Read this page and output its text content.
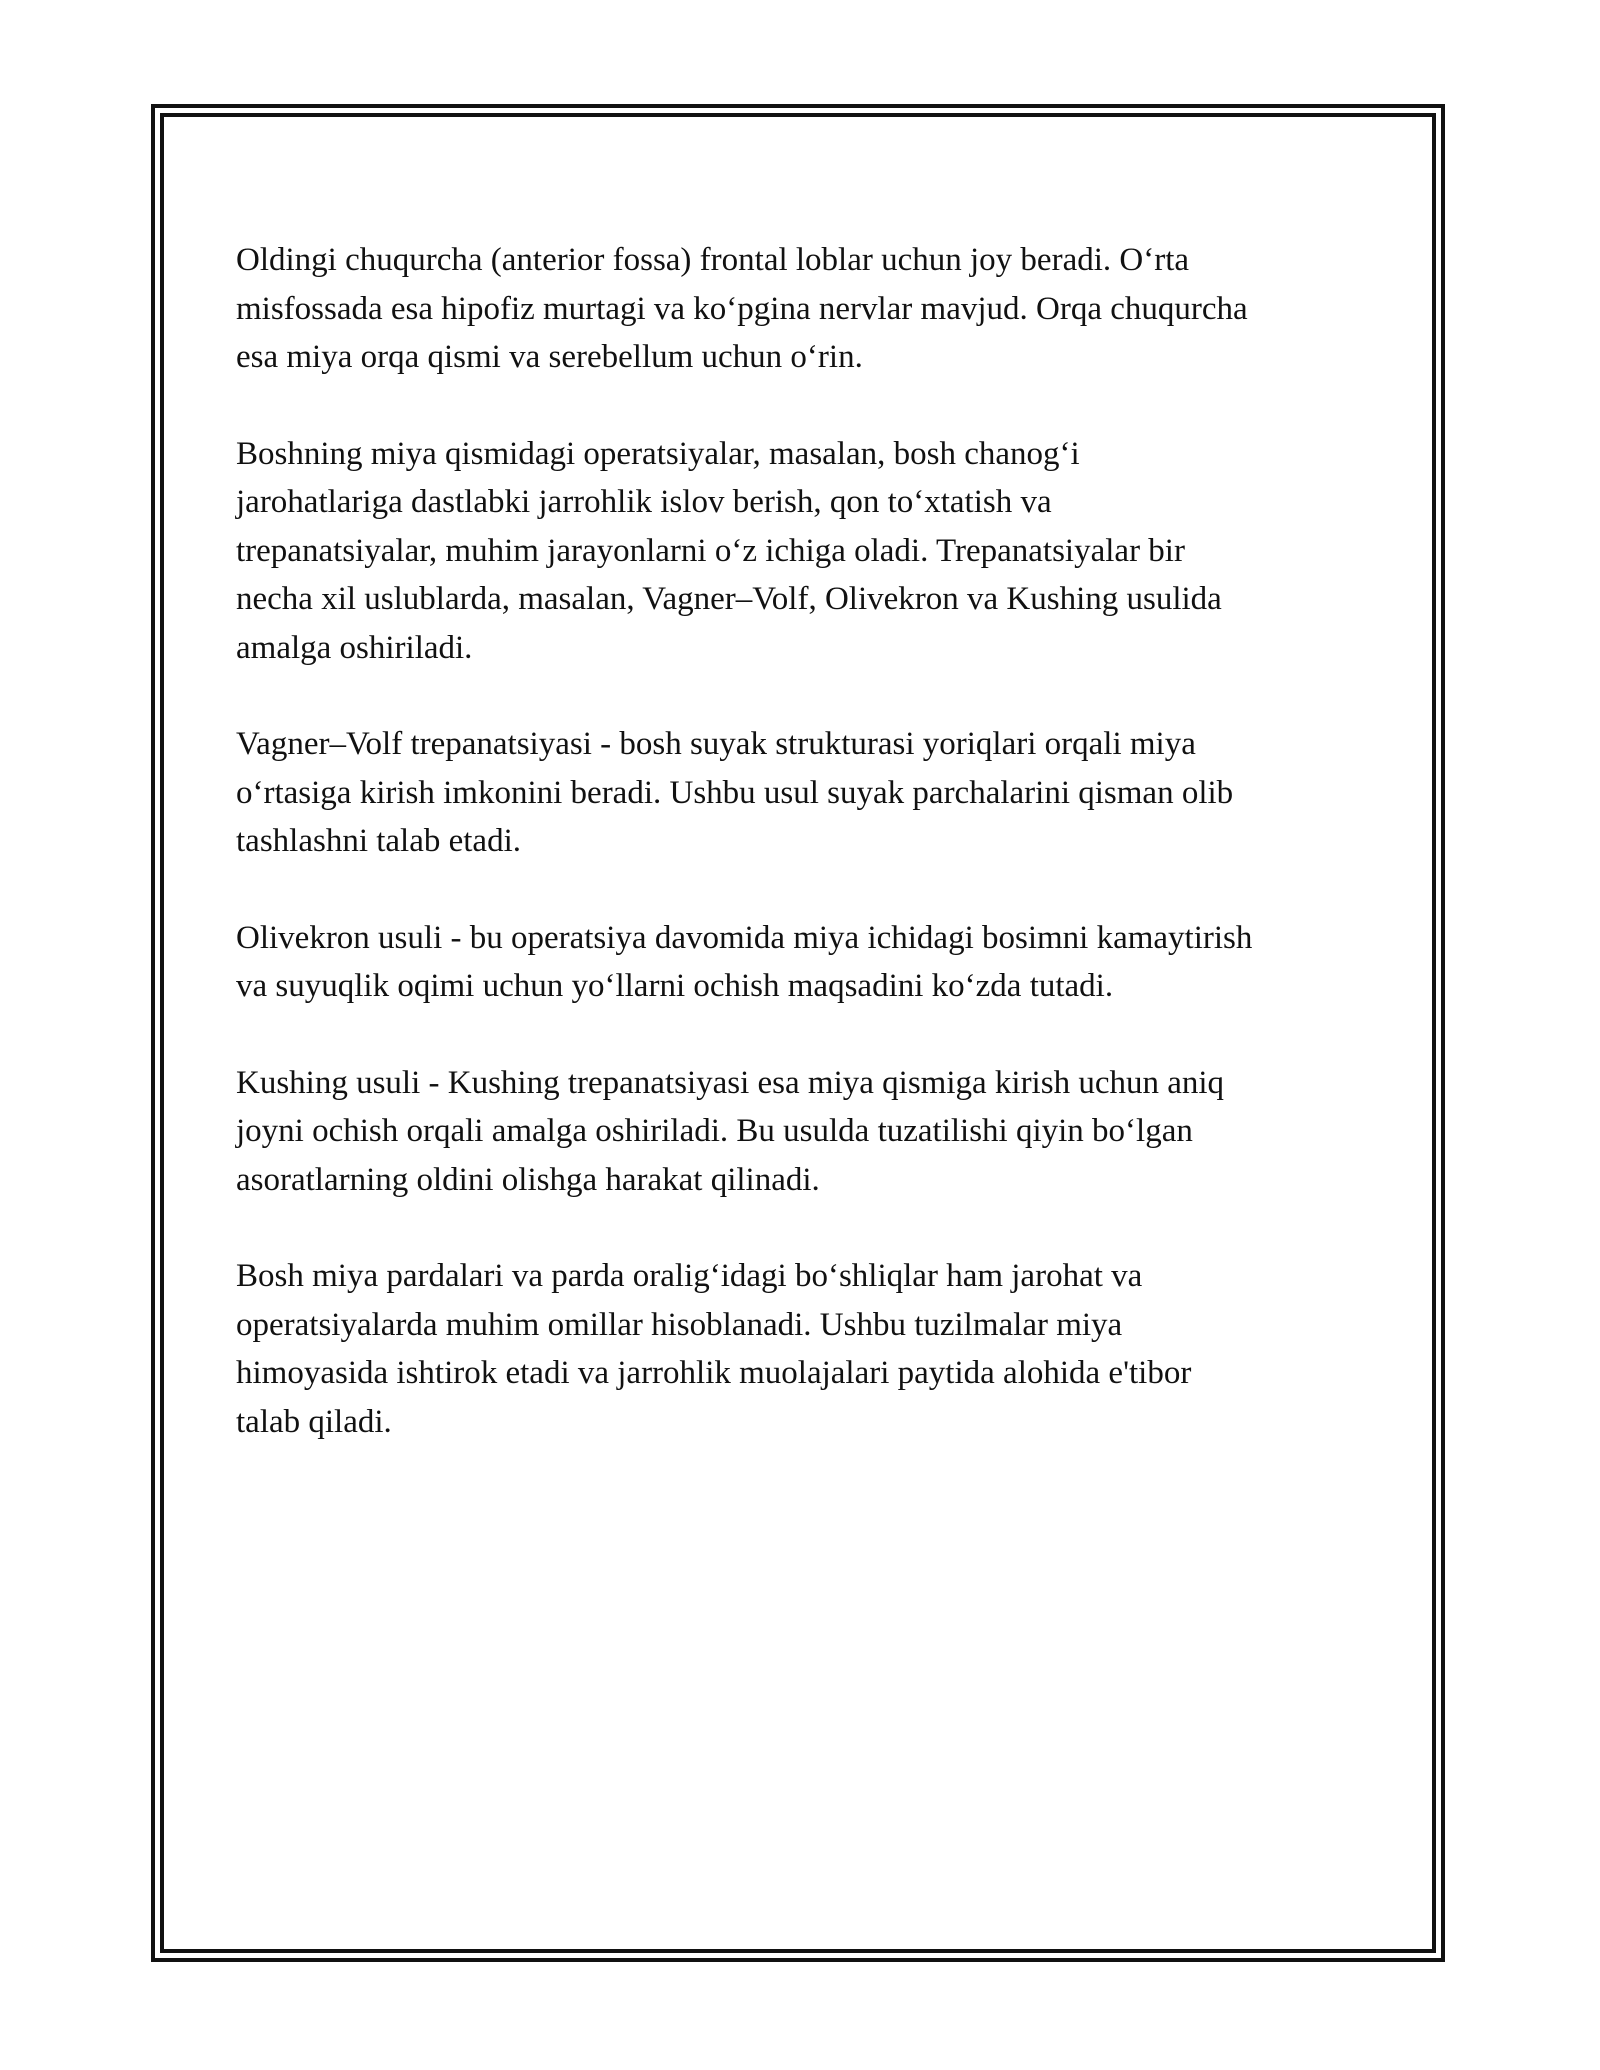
Oldingi chuqurcha (anterior fossa) frontal loblar uchun joy beradi. O‘rta
misfossada esa hipofiz murtagi va ko‘pgina nervlar mavjud. Orqa chuqurcha
esa miya orqa qismi va serebellum uchun o‘rin.

Boshning miya qismidagi operatsiyalar, masalan, bosh chanog‘i
jarohatlariga dastlabki jarrohlik islov berish, qon to‘xtatish va
trepanatsiyalar, muhim jarayonlarni o‘z ichiga oladi. Trepanatsiyalar bir
necha xil uslublarda, masalan, Vagner–Volf, Olivekron va Kushing usulida
amalga oshiriladi.

Vagner–Volf trepanatsiyasi - bosh suyak strukturasi yoriqlari orqali miya
o‘rtasiga kirish imkonini beradi. Ushbu usul suyak parchalarini qisman olib
tashlashni talab etadi.

Olivekron usuli - bu operatsiya davomida miya ichidagi bosimni kamaytirish
va suyuqlik oqimi uchun yo‘llarni ochish maqsadini ko‘zda tutadi.

Kushing usuli - Kushing trepanatsiyasi esa miya qismiga kirish uchun aniq
joyni ochish orqali amalga oshiriladi. Bu usulda tuzatilishi qiyin bo‘lgan
asoratlarning oldini olishga harakat qilinadi.

Bosh miya pardalari va parda oralig‘idagi bo‘shliqlar ham jarohat va
operatsiyalarda muhim omillar hisoblanadi. Ushbu tuzilmalar miya
himoyasida ishtirok etadi va jarrohlik muolajalari paytida alohida e'tibor
talab qiladi.
